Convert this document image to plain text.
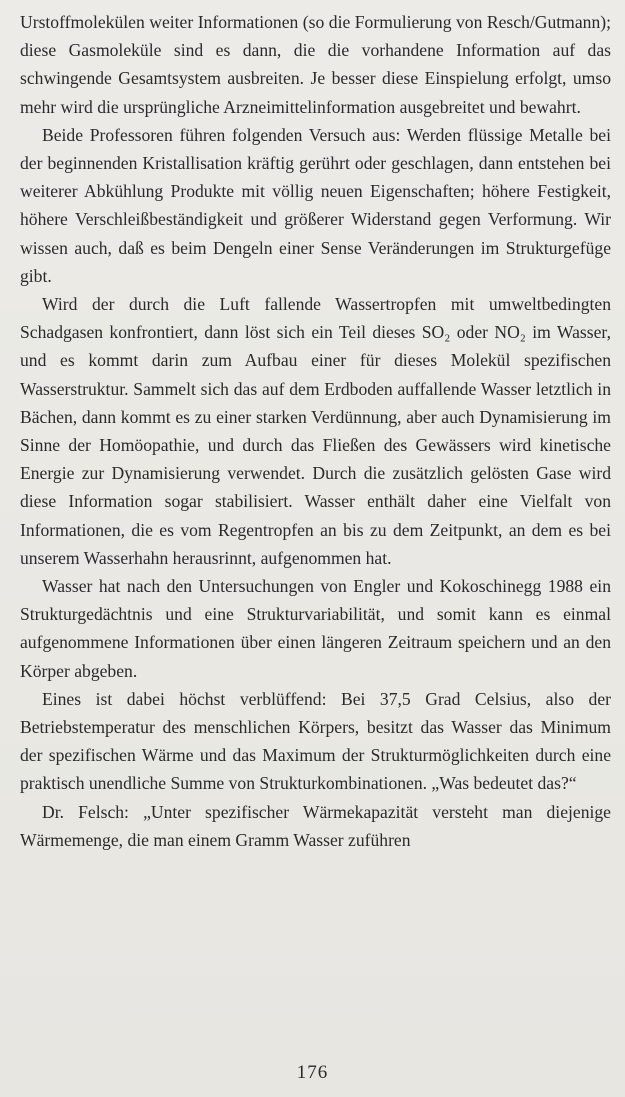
Urstoffmolekülen weiter Informationen (so die Formulierung von Resch/Gutmann); diese Gasmoleküle sind es dann, die die vorhandene Information auf das schwingende Gesamtsystem ausbreiten. Je besser diese Einspielung erfolgt, umso mehr wird die ursprüngliche Arzneimittelinformation ausgebreitet und bewahrt.

Beide Professoren führen folgenden Versuch aus: Werden flüssige Metalle bei der beginnenden Kristallisation kräftig gerührt oder geschlagen, dann entstehen bei weiterer Abkühlung Produkte mit völlig neuen Eigenschaften; höhere Festigkeit, höhere Verschleißbeständigkeit und größerer Widerstand gegen Verformung. Wir wissen auch, daß es beim Dengeln einer Sense Veränderungen im Strukturgefüge gibt.

Wird der durch die Luft fallende Wassertropfen mit umweltbedingten Schadgasen konfrontiert, dann löst sich ein Teil dieses SO₂ oder NO₂ im Wasser, und es kommt darin zum Aufbau einer für dieses Molekül spezifischen Wasserstruktur. Sammelt sich das auf dem Erdboden auffallende Wasser letztlich in Bächen, dann kommt es zu einer starken Verdünnung, aber auch Dynamisierung im Sinne der Homöopathie, und durch das Fließen des Gewässers wird kinetische Energie zur Dynamisierung verwendet. Durch die zusätzlich gelösten Gase wird diese Information sogar stabilisiert. Wasser enthält daher eine Vielfalt von Informationen, die es vom Regentropfen an bis zu dem Zeitpunkt, an dem es bei unserem Wasserhahn herausrinnt, aufgenommen hat.

Wasser hat nach den Untersuchungen von Engler und Kokoschinegg 1988 ein Strukturgedächtnis und eine Strukturvariabilität, und somit kann es einmal aufgenommene Informationen über einen längeren Zeitraum speichern und an den Körper abgeben.

Eines ist dabei höchst verblüffend: Bei 37,5 Grad Celsius, also der Betriebstemperatur des menschlichen Körpers, besitzt das Wasser das Minimum der spezifischen Wärme und das Maximum der Strukturmöglichkeiten durch eine praktisch unendliche Summe von Strukturkombinationen. „Was bedeutet das?“

Dr. Felsch: „Unter spezifischer Wärmekapazität versteht man diejenige Wärmemenge, die man einem Gramm Wasser zuführen

176
